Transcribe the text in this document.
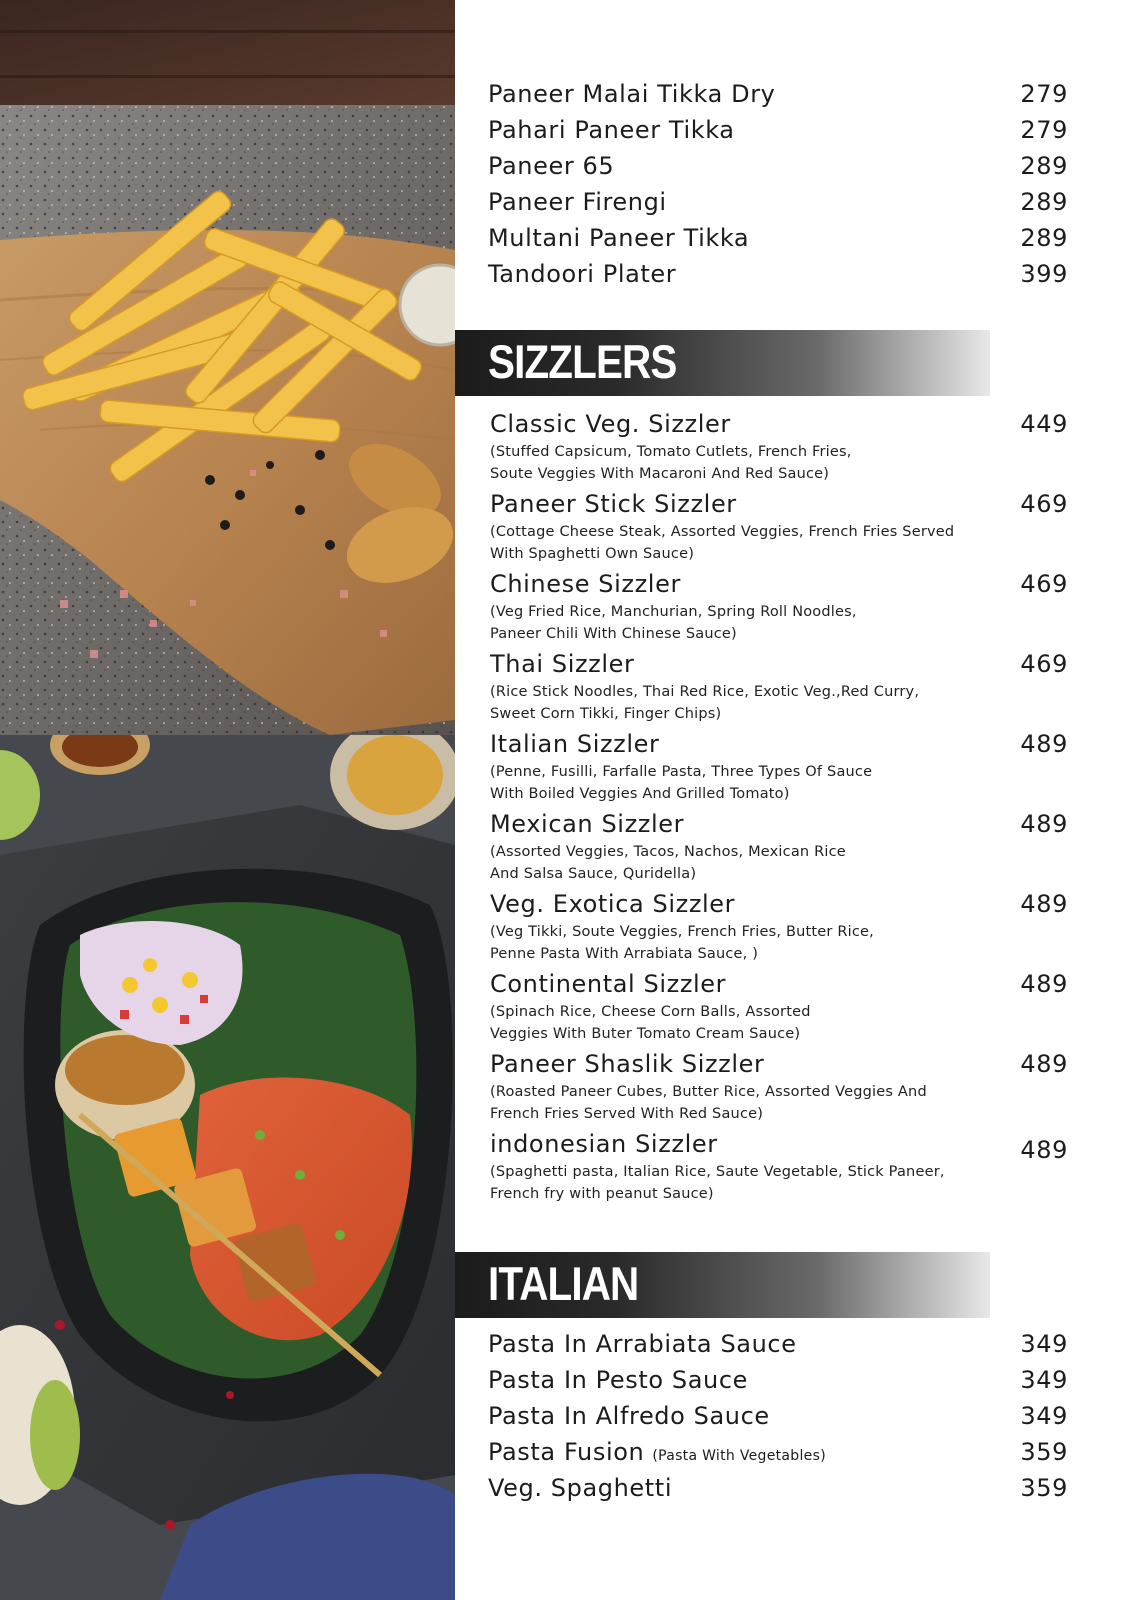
Paneer Malai Tikka Dry	279
Pahari Paneer Tikka	279
Paneer 65	289
Paneer Firengi	289
Multani Paneer Tikka	289
Tandoori Plater	399
SIZZLERS
Classic Veg. Sizzler	449
(Stuffed Capsicum, Tomato Cutlets, French Fries,
Soute Veggies With Macaroni And Red Sauce)
Paneer Stick Sizzler	469
(Cottage Cheese Steak, Assorted Veggies, French Fries Served
With Spaghetti Own Sauce)
Chinese Sizzler	469
(Veg Fried Rice, Manchurian, Spring Roll Noodles,
Paneer Chili With Chinese Sauce)
Thai Sizzler	469
(Rice Stick Noodles, Thai Red Rice, Exotic Veg.,Red Curry,
Sweet Corn Tikki, Finger Chips)
Italian Sizzler	489
(Penne, Fusilli, Farfalle Pasta, Three Types Of Sauce
With Boiled Veggies And Grilled Tomato)
Mexican Sizzler	489
(Assorted Veggies, Tacos, Nachos, Mexican Rice
And Salsa Sauce, Quridella)
Veg. Exotica Sizzler	489
(Veg Tikki, Soute Veggies, French Fries, Butter Rice,
Penne Pasta With Arrabiata Sauce, )
Continental Sizzler	489
(Spinach Rice, Cheese Corn Balls, Assorted
Veggies With Buter Tomato Cream Sauce)
Paneer Shaslik Sizzler	489
(Roasted Paneer Cubes, Butter Rice, Assorted Veggies And
French Fries Served With Red Sauce)
indonesian Sizzler	489
(Spaghetti pasta, Italian Rice, Saute Vegetable, Stick Paneer,
French fry with peanut Sauce)
ITALIAN
Pasta In Arrabiata Sauce	349
Pasta In Pesto Sauce	349
Pasta In Alfredo Sauce	349
Pasta Fusion (Pasta With Vegetables)	359
Veg. Spaghetti	359
